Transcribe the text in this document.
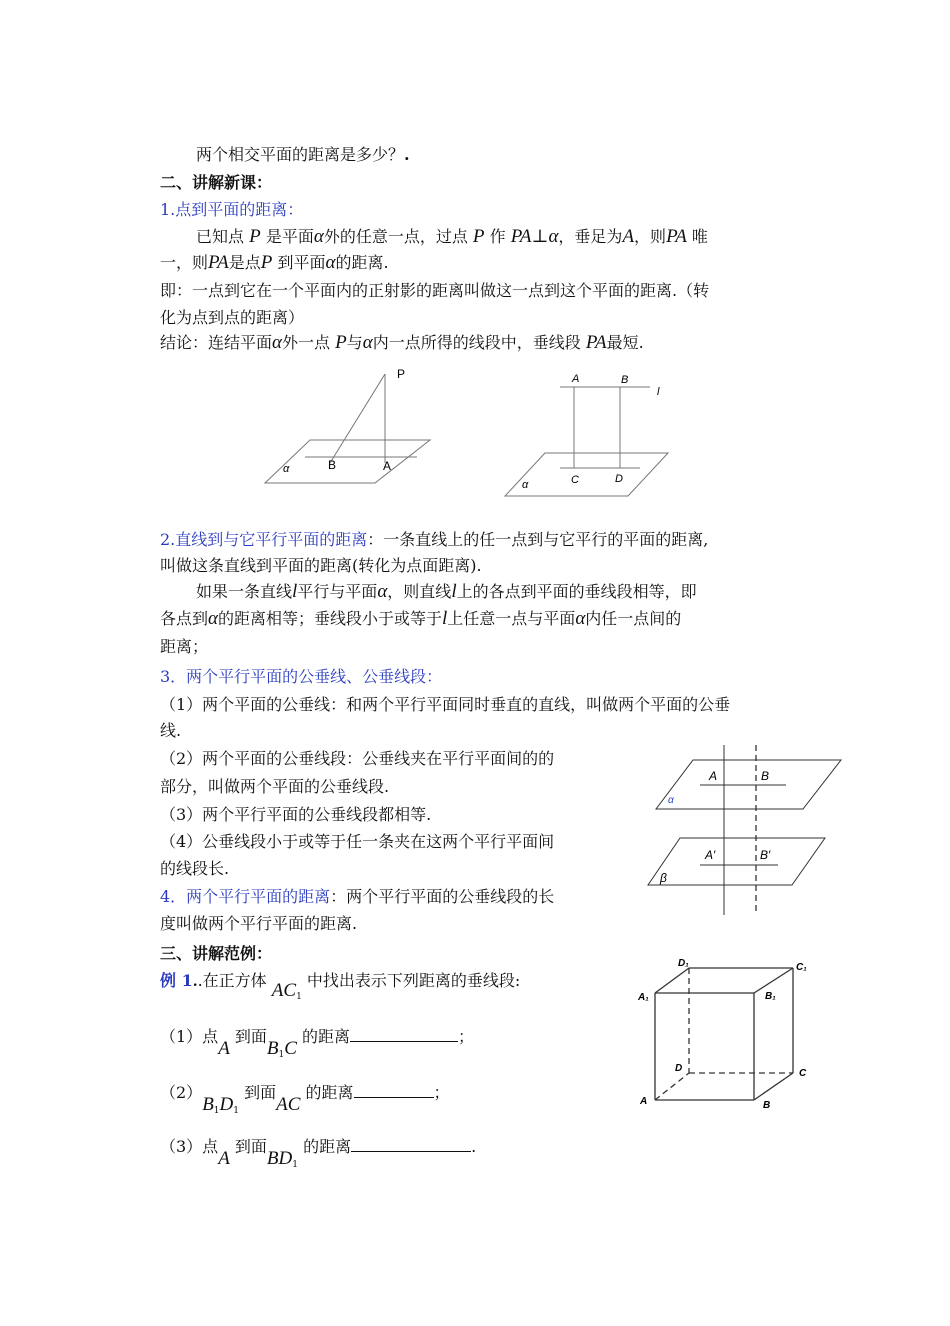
两个相交平面的距离是多少？.
二、讲解新课：
1.点到平面的距离：
已知点 P 是平面α外的任意一点，过点 P 作 PA⊥α，垂足为A，则PA 唯
一，则PA是点P 到平面α的距离.
即：一点到它在一个平面内的正射影的距离叫做这一点到这个平面的距离.（转
化为点到点的距离）
结论：连结平面α外一点 P与α内一点所得的线段中，垂线段 PA最短.
P
B	A
α
A	B
l
C	D
α
2.直线到与它平行平面的距离：一条直线上的任一点到与它平行的平面的距离,
叫做这条直线到平面的距离(转化为点面距离).
如果一条直线l平行与平面α，则直线l上的各点到平面的垂线段相等，即
各点到α的距离相等；垂线段小于或等于l上任意一点与平面α内任一点间的
距离；
3．两个平行平面的公垂线、公垂线段：
（1）两个平面的公垂线：和两个平行平面同时垂直的直线，叫做两个平面的公垂
线.
（2）两个平面的公垂线段：公垂线夹在平行平面间的的
部分，叫做两个平面的公垂线段.
（3）两个平行平面的公垂线段都相等.
（4）公垂线段小于或等于任一条夹在这两个平行平面间
的线段长.
4．两个平行平面的距离：两个平行平面的公垂线段的长
度叫做两个平行平面的距离.
A	B
α
A′	B′
β
三、讲解范例：
例 1..在正方体 $AC_1$ 中找出表示下列距离的垂线段:
（1）点A 到面$B_1C$ 的距离	；
$(2)B_1D_1$ 到面AC 的距离	；
（3）点A 到面$BD_1$ 的距离	.
D₁	C₁
A₁	B₁
D	C
A	B
